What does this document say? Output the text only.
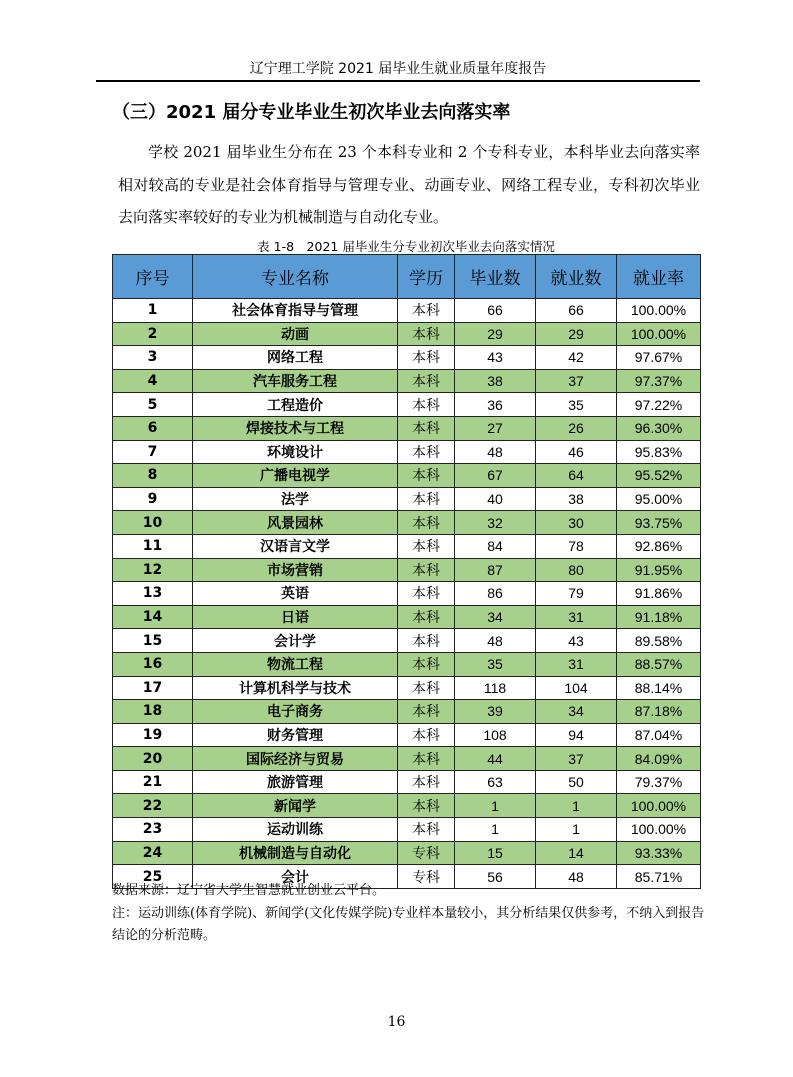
辽宁理工学院 2021 届毕业生就业质量年度报告
（三）2021 届分专业毕业生初次毕业去向落实率
学校 2021 届毕业生分布在 23 个本科专业和 2 个专科专业，本科毕业去向落实率相对较高的专业是社会体育指导与管理专业、动画专业、网络工程专业，专科初次毕业去向落实率较好的专业为机械制造与自动化专业。
表 1-8　2021 届毕业生分专业初次毕业去向落实情况
序号	专业名称	学历	毕业数	就业数	就业率
1	社会体育指导与管理	本科	66	66	100.00%
2	动画	本科	29	29	100.00%
3	网络工程	本科	43	42	97.67%
4	汽车服务工程	本科	38	37	97.37%
5	工程造价	本科	36	35	97.22%
6	焊接技术与工程	本科	27	26	96.30%
7	环境设计	本科	48	46	95.83%
8	广播电视学	本科	67	64	95.52%
9	法学	本科	40	38	95.00%
10	风景园林	本科	32	30	93.75%
11	汉语言文学	本科	84	78	92.86%
12	市场营销	本科	87	80	91.95%
13	英语	本科	86	79	91.86%
14	日语	本科	34	31	91.18%
15	会计学	本科	48	43	89.58%
16	物流工程	本科	35	31	88.57%
17	计算机科学与技术	本科	118	104	88.14%
18	电子商务	本科	39	34	87.18%
19	财务管理	本科	108	94	87.04%
20	国际经济与贸易	本科	44	37	84.09%
21	旅游管理	本科	63	50	79.37%
22	新闻学	本科	1	1	100.00%
23	运动训练	本科	1	1	100.00%
24	机械制造与自动化	专科	15	14	93.33%
25	会计	专科	56	48	85.71%
数据来源：辽宁省大学生智慧就业创业云平台。
注：运动训练(体育学院)、新闻学(文化传媒学院)专业样本量较小，其分析结果仅供参考，不纳入到报告结论的分析范畴。
16
